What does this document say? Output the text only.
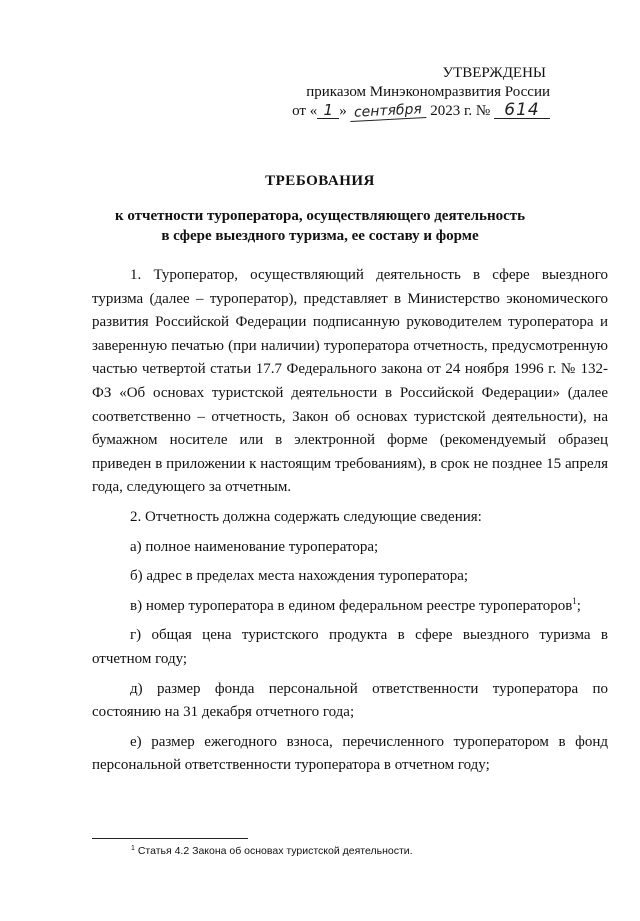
УТВЕРЖДЕНЫ
приказом Минэкономразвития России
от « 1 » сентября 2023 г. № 614
ТРЕБОВАНИЯ
к отчетности туроператора, осуществляющего деятельность
в сфере выездного туризма, ее составу и форме

1. Туроператор, осуществляющий деятельность в сфере выездного туризма (далее – туроператор), представляет в Министерство экономического развития Российской Федерации подписанную руководителем туроператора и заверенную печатью (при наличии) туроператора отчетность, предусмотренную частью четвертой статьи 17.7 Федерального закона от 24 ноября 1996 г. № 132-ФЗ «Об основах туристской деятельности в Российской Федерации» (далее соответственно – отчетность, Закон об основах туристской деятельности), на бумажном носителе или в электронной форме (рекомендуемый образец приведен в приложении к настоящим требованиям), в срок не позднее 15 апреля года, следующего за отчетным.

2. Отчетность должна содержать следующие сведения:

а) полное наименование туроператора;

б) адрес в пределах места нахождения туроператора;

в) номер туроператора в едином федеральном реестре туроператоров$^1$;

г) общая цена туристского продукта в сфере выездного туризма в отчетном году;

д) размер фонда персональной ответственности туроператора по состоянию на 31 декабря отчетного года;

е) размер ежегодного взноса, перечисленного туроператором в фонд персональной ответственности туроператора в отчетном году;

$^1$ Статья 4.2 Закона об основах туристской деятельности.
